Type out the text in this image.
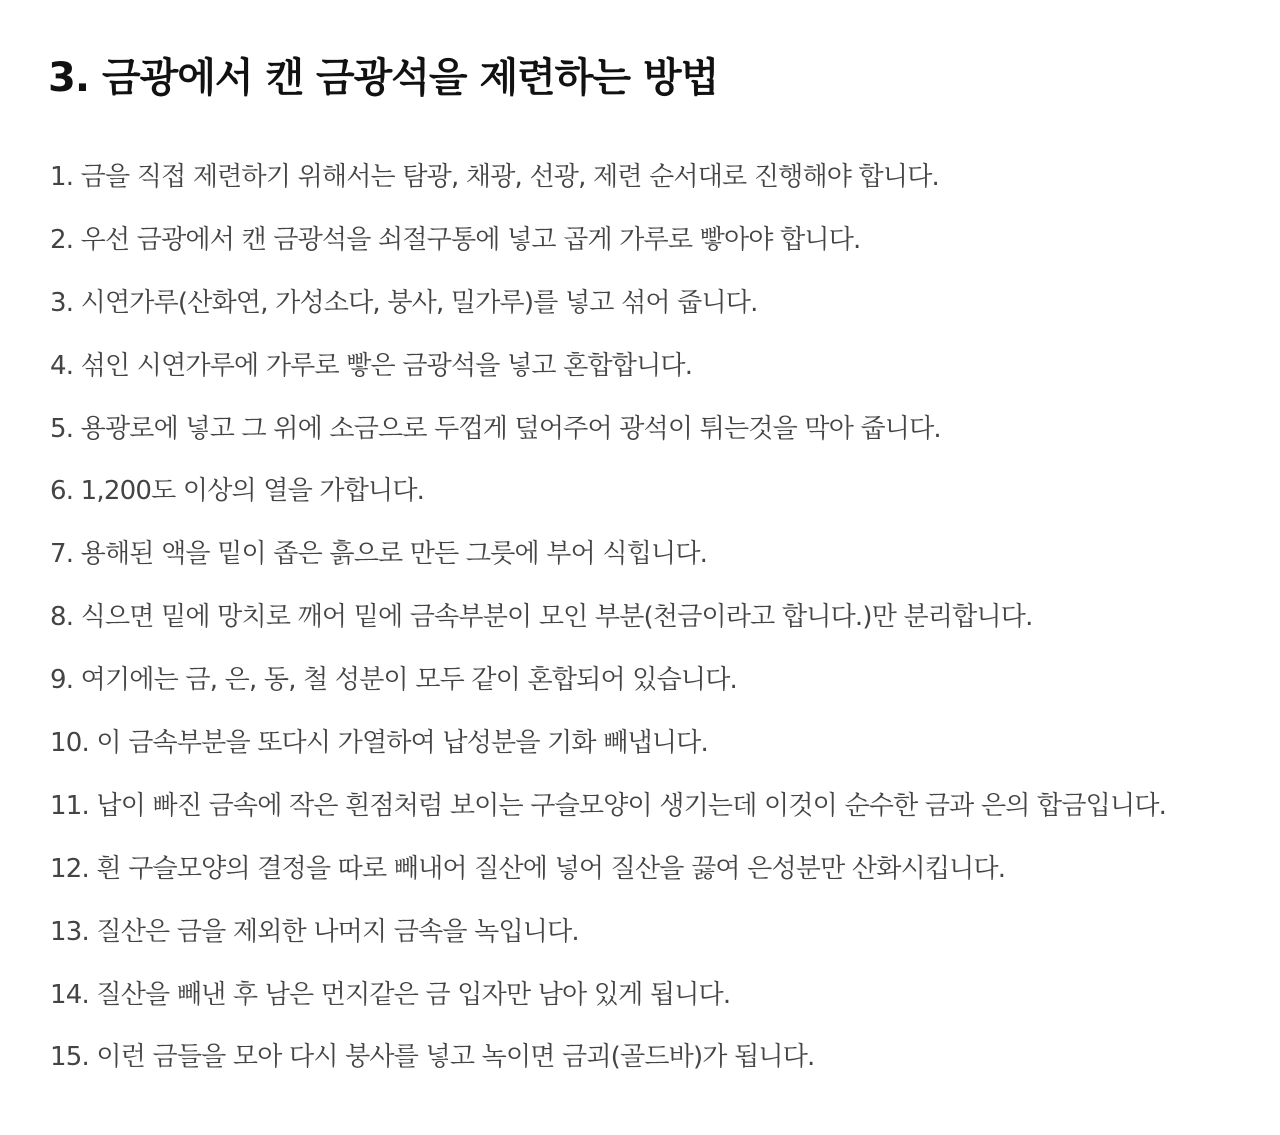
3. 금광에서 캔 금광석을 제련하는 방법
1. 금을 직접 제련하기 위해서는 탐광, 채광, 선광, 제련 순서대로 진행해야 합니다.
2. 우선 금광에서 캔 금광석을 쇠절구통에 넣고 곱게 가루로 빻아야 합니다.
3. 시연가루(산화연, 가성소다, 붕사, 밀가루)를 넣고 섞어 줍니다.
4. 섞인 시연가루에 가루로 빻은 금광석을 넣고 혼합합니다.
5. 용광로에 넣고 그 위에 소금으로 두껍게 덮어주어 광석이 튀는것을 막아 줍니다.
6. 1,200도 이상의 열을 가합니다.
7. 용해된 액을 밑이 좁은 흙으로 만든 그릇에 부어 식힙니다.
8. 식으면 밑에 망치로 깨어 밑에 금속부분이 모인 부분(천금이라고 합니다.)만 분리합니다.
9. 여기에는 금, 은, 동, 철 성분이 모두 같이 혼합되어 있습니다.
10. 이 금속부분을 또다시 가열하여 납성분을 기화 빼냅니다.
11. 납이 빠진 금속에 작은 흰점처럼 보이는 구슬모양이 생기는데 이것이 순수한 금과 은의 합금입니다.
12. 흰 구슬모양의 결정을 따로 빼내어 질산에 넣어 질산을 끓여 은성분만 산화시킵니다.
13. 질산은 금을 제외한 나머지 금속을 녹입니다.
14. 질산을 빼낸 후 남은 먼지같은 금 입자만 남아 있게 됩니다.
15. 이런 금들을 모아 다시 붕사를 넣고 녹이면 금괴(골드바)가 됩니다.
